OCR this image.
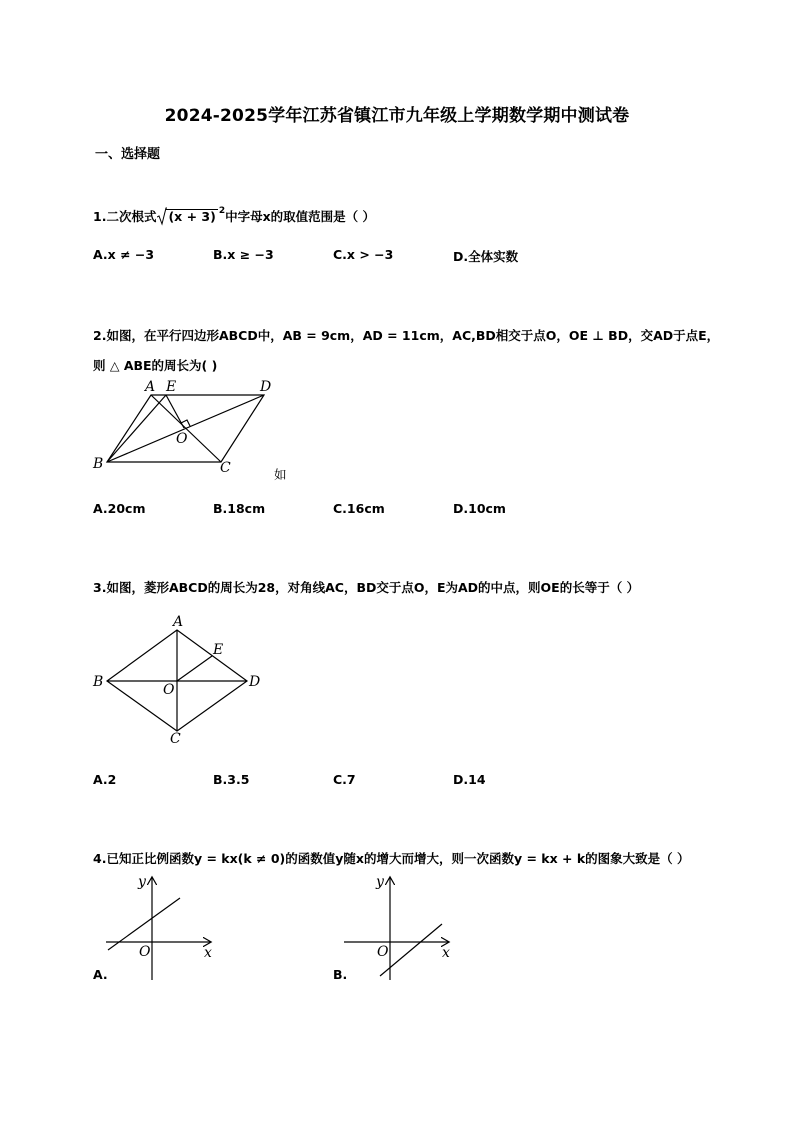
2024-2025学年江苏省镇江市九年级上学期数学期中测试卷
一、选择题
1.二次根式 (x + 3) $^2$中字母x的取值范围是（ ）
A.x ≠ −3	B.x ≥ −3	C.x > −3	D.全体实数
2.如图，在平行四边形ABCD中，AB = 9cm，AD = 11cm，AC,BD相交于点O，OE ⊥ BD，交AD于点E，
则 △ ABE的周长为( )
A E	D
O
B	C	如
A.20cm	B.18cm	C.16cm	D.10cm
3.如图，菱形ABCD的周长为28，对角线AC，BD交于点O，E为AD的中点，则OE的长等于（ ）
A
E
B	O	D
C
A.2	B.3.5	C.7	D.14
4.已知正比例函数y = kx(k ≠ 0)的函数值y随x的增大而增大，则一次函数y = kx + k的图象大致是（ ）
y
x
O
A.
y
x
O
B.
